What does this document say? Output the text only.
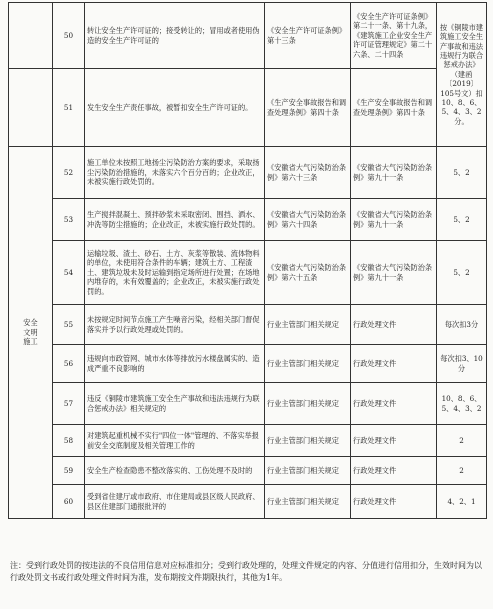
	50	转让安全生产许可证的；接受转让的；冒用或者使用伪造的安全生产许可证的	《安全生产许可证条例》第十三条	《安全生产许可证条例》第二十一条、第十九条，《建筑施工企业安全生产许可证管理规定》第二十六条、二十四条	按《铜陵市建筑施工安全生产事故和违法违规行为联合惩戒办法》（建函〔2019〕105号文）扣10、8、6、5、4、3、2分。
	51	发生安全生产责任事故，被暂扣安全生产许可证的。	《生产安全事故报告和调查处理条例》第四十条	《生产安全事故报告和调查处理条例》第四十条	

安全
文明
施工	52	施工单位未按照工地扬尘污染防治方案的要求，采取扬尘污染防治措施的，未落实六个百分百的；企业改正，未被实施行政处罚的。	《安徽省大气污染防治条例》第六十三条	《安徽省大气污染防治条例》第九十一条	5、2
	53	生产搅拌混凝土、预拌砂浆未采取密闭、围挡、洒水、冲洗等防尘措施的；企业改正，未被实施行政处罚的。	《安徽省大气污染防治条例》第六十四条	《安徽省大气污染防治条例》第九十一条	5、2
	54	运输垃圾、渣土、砂石、土方、灰浆等散装、流体物料的单位，未使用符合条件的车辆；建筑土方、工程渣土、建筑垃圾未及时运输到指定场所进行处置；在场地内堆存的，未有效覆盖的；企业改正，未被实施行政处罚的。	《安徽省大气污染防治条例》第六十五条	《安徽省大气污染防治条例》第九十一条	5、2
	55	未按规定时间节点施工产生噪音污染，经相关部门督促落实并予以行政处理或处罚的。	行业主管部门相关规定	行政处理文件	每次扣3分
	56	违规向市政管网、城市水体等排放污水楼盘属实的、造成严重不良影响的	行业主管部门相关规定	行政处理文件	每次扣3、10分
	57	违反《铜陵市建筑施工安全生产事故和违法违规行为联合惩戒办法》相关规定的	行业主管部门相关规定	行政处理文件	10、8、6、5、4、3、2
	58	对建筑起重机械不实行"四位一体"管理的、不落实举报前安全交底制度及相关管理工作的	行业主管部门相关规定	行政处理文件	2
	59	安全生产检查隐患不整改落实的、工伤处理不及时的	行业主管部门相关规定	行政处理文件	2
	60	受到省住建厅或市政府、市住建局或县区级人民政府、县区住建部门通报批评的	行业主管部门相关规定	行政处理文件	4、2、1
注：受到行政处罚的按违法的不良信用信息对应标准扣分；受到行政处理的，处理文件规定的内容、分值进行信用扣分，生效时间为以行政处罚文书或行政处理文件时间为准，发布期按文件期限执行，其他为1年。
